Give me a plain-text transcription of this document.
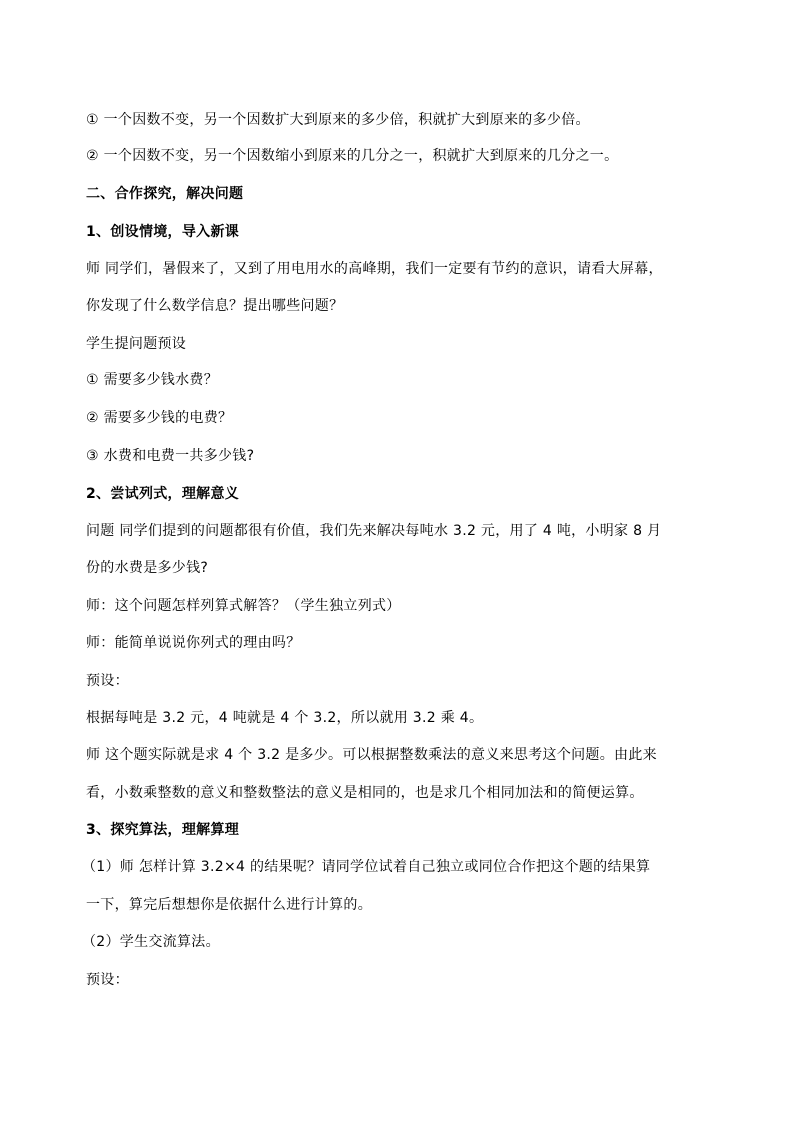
① 一个因数不变，另一个因数扩大到原来的多少倍，积就扩大到原来的多少倍。
② 一个因数不变，另一个因数缩小到原来的几分之一，积就扩大到原来的几分之一。
二、合作探究，解决问题
1、创设情境，导入新课
师 同学们，暑假来了，又到了用电用水的高峰期，我们一定要有节约的意识，请看大屏幕，
你发现了什么数学信息？提出哪些问题？
学生提问题预设
① 需要多少钱水费？
② 需要多少钱的电费？
③ 水费和电费一共多少钱?
2、尝试列式，理解意义
问题 同学们提到的问题都很有价值，我们先来解决每吨水 3.2 元，用了 4 吨，小明家 8 月
份的水费是多少钱?
师：这个问题怎样列算式解答？（学生独立列式）
师：能简单说说你列式的理由吗？
预设：
根据每吨是 3.2 元，4 吨就是 4 个 3.2，所以就用 3.2 乘 4。
师 这个题实际就是求 4 个 3.2 是多少。可以根据整数乘法的意义来思考这个问题。由此来
看，小数乘整数的意义和整数整法的意义是相同的，也是求几个相同加法和的简便运算。
3、探究算法，理解算理
（1）师 怎样计算 3.2×4 的结果呢？请同学位试着自己独立或同位合作把这个题的结果算
一下，算完后想想你是依据什么进行计算的。
（2）学生交流算法。
预设：
